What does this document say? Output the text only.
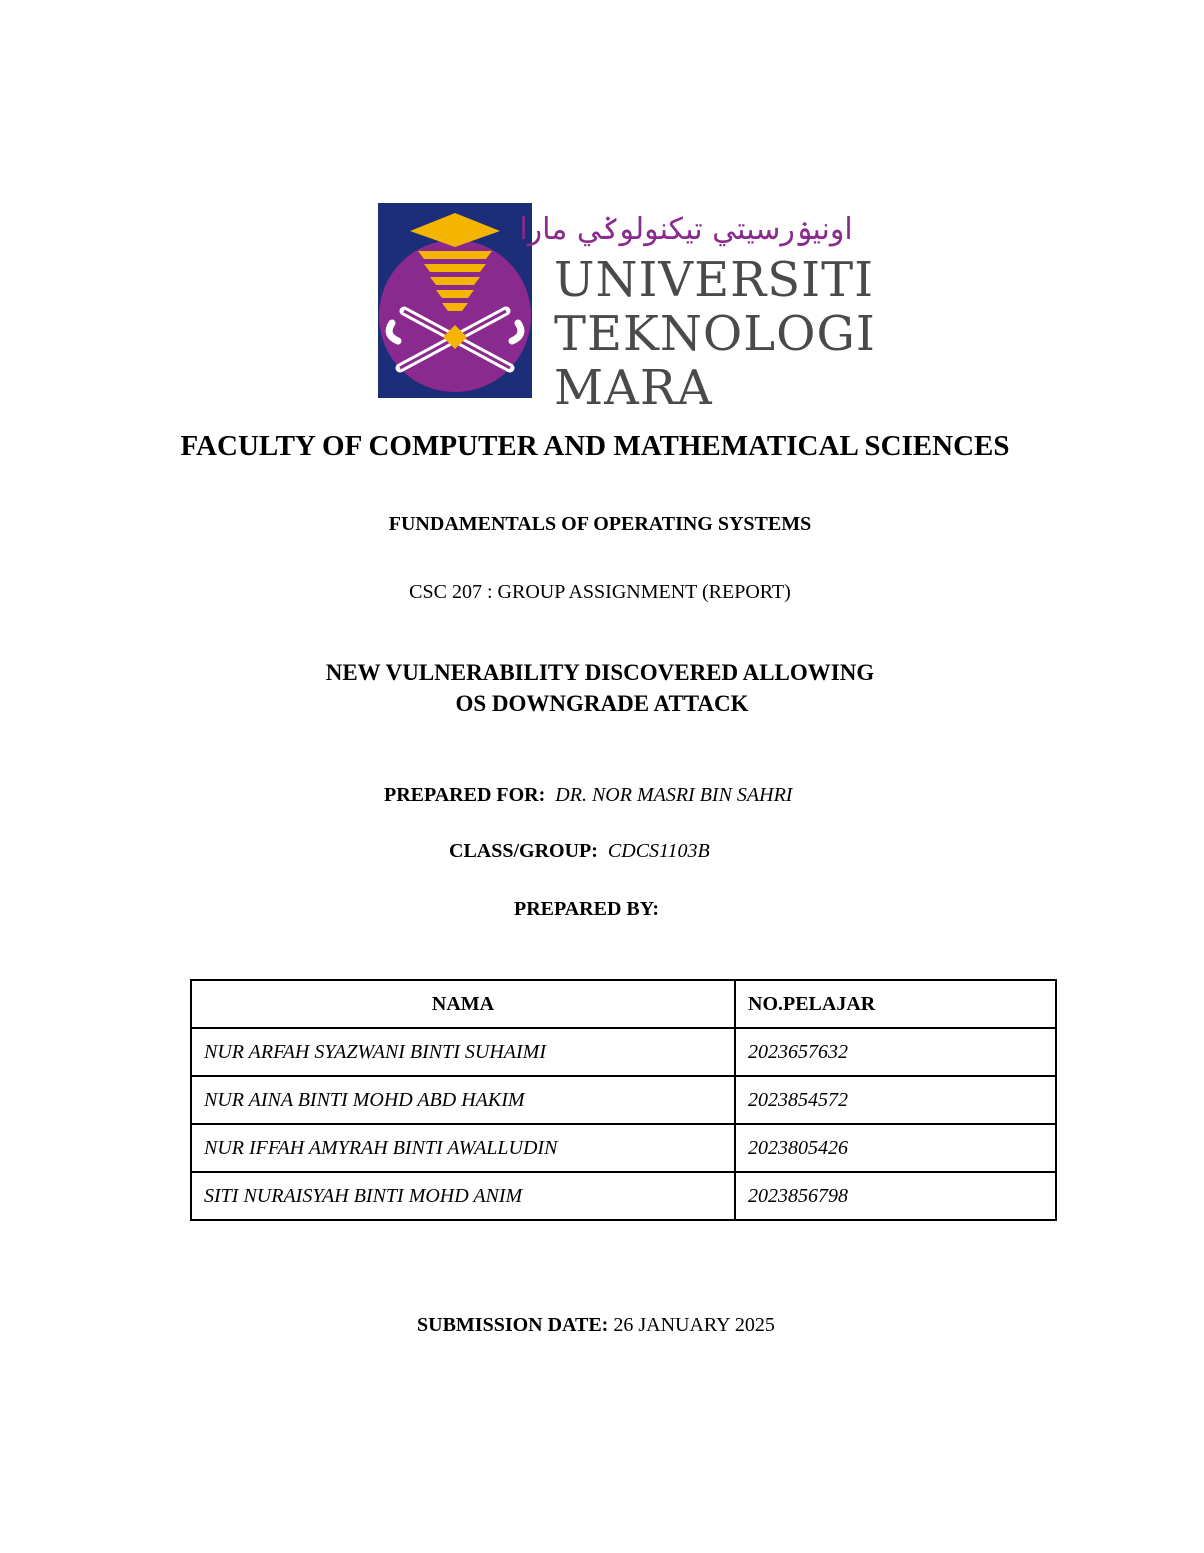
اونيۏرسيتي تيكنولوݢي مارا
UNIVERSITI
TEKNOLOGI
MARA
FACULTY OF COMPUTER AND MATHEMATICAL SCIENCES
FUNDAMENTALS OF OPERATING SYSTEMS
CSC 207 : GROUP ASSIGNMENT (REPORT)
NEW VULNERABILITY DISCOVERED ALLOWING
OS DOWNGRADE ATTACK
PREPARED FOR: DR. NOR MASRI BIN SAHRI
CLASS/GROUP: CDCS1103B
PREPARED BY:
NAMA	NO.PELAJAR
NUR ARFAH SYAZWANI BINTI SUHAIMI	2023657632
NUR AINA BINTI MOHD ABD HAKIM	2023854572
NUR IFFAH AMYRAH BINTI AWALLUDIN	2023805426
SITI NURAISYAH BINTI MOHD ANIM	2023856798
SUBMISSION DATE: 26 JANUARY 2025
